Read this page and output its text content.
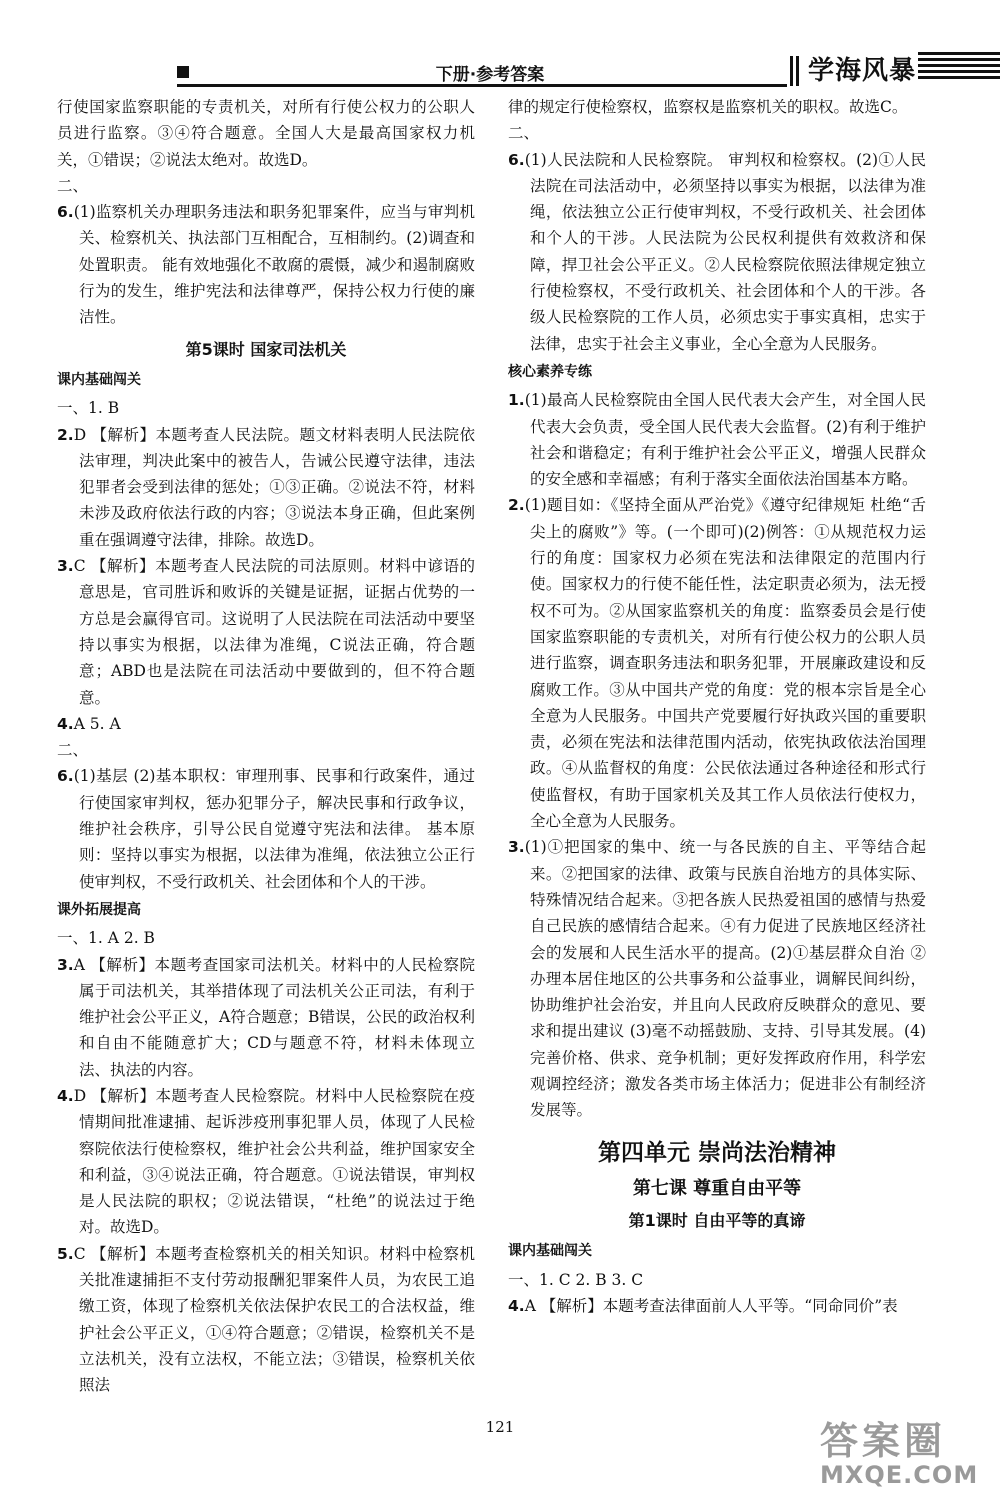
下册·参考答案	学海风暴
行使国家监察职能的专责机关，对所有行使公权力的公职人员进行监察。③④符合题意。全国人大是最高国家权力机关，①错误；②说法太绝对。故选D。
二、
6.(1)监察机关办理职务违法和职务犯罪案件，应当与审判机关、检察机关、执法部门互相配合，互相制约。(2)调查和处置职责。 能有效地强化不敢腐的震慑，减少和遏制腐败行为的发生，维护宪法和法律尊严，保持公权力行使的廉洁性。
第5课时 国家司法机关
课内基础闯关
一、1. B
2.D 【解析】本题考查人民法院。题文材料表明人民法院依法审理，判决此案中的被告人，告诫公民遵守法律，违法犯罪者会受到法律的惩处；①③正确。②说法不符，材料未涉及政府依法行政的内容；③说法本身正确，但此案例重在强调遵守法律，排除。故选D。
3.C 【解析】本题考查人民法院的司法原则。材料中谚语的意思是，官司胜诉和败诉的关键是证据，证据占优势的一方总是会赢得官司。这说明了人民法院在司法活动中要坚持以事实为根据，以法律为准绳，C说法正确，符合题意；ABD也是法院在司法活动中要做到的，但不符合题意。
4.A 5. A
二、
6.(1)基层 (2)基本职权：审理刑事、民事和行政案件，通过行使国家审判权，惩办犯罪分子，解决民事和行政争议，维护社会秩序，引导公民自觉遵守宪法和法律。 基本原则：坚持以事实为根据，以法律为准绳，依法独立公正行使审判权，不受行政机关、社会团体和个人的干涉。
课外拓展提高
一、1. A 2. B
3.A 【解析】本题考查国家司法机关。材料中的人民检察院属于司法机关，其举措体现了司法机关公正司法，有利于维护社会公平正义，A符合题意；B错误，公民的政治权利和自由不能随意扩大；CD与题意不符，材料未体现立法、执法的内容。
4.D 【解析】本题考查人民检察院。材料中人民检察院在疫情期间批准逮捕、起诉涉疫刑事犯罪人员，体现了人民检察院依法行使检察权，维护社会公共利益，维护国家安全和利益，③④说法正确，符合题意。①说法错误，审判权是人民法院的职权；②说法错误，“杜绝”的说法过于绝对。故选D。
5.C 【解析】本题考查检察机关的相关知识。材料中检察机关批准逮捕拒不支付劳动报酬犯罪案件人员，为农民工追缴工资，体现了检察机关依法保护农民工的合法权益，维护社会公平正义，①④符合题意；②错误，检察机关不是立法机关，没有立法权，不能立法；③错误，检察机关依照法
律的规定行使检察权，监察权是监察机关的职权。故选C。
二、
6.(1)人民法院和人民检察院。 审判权和检察权。(2)①人民法院在司法活动中，必须坚持以事实为根据，以法律为准绳，依法独立公正行使审判权，不受行政机关、社会团体和个人的干涉。人民法院为公民权利提供有效救济和保障，捍卫社会公平正义。②人民检察院依照法律规定独立行使检察权，不受行政机关、社会团体和个人的干涉。各级人民检察院的工作人员，必须忠实于事实真相，忠实于法律，忠实于社会主义事业，全心全意为人民服务。
核心素养专练
1.(1)最高人民检察院由全国人民代表大会产生，对全国人民代表大会负责，受全国人民代表大会监督。(2)有利于维护社会和谐稳定；有利于维护社会公平正义，增强人民群众的安全感和幸福感；有利于落实全面依法治国基本方略。
2.(1)题目如：《坚持全面从严治党》《遵守纪律规矩 杜绝“舌尖上的腐败”》等。(一个即可)(2)例答：①从规范权力运行的角度：国家权力必须在宪法和法律限定的范围内行使。国家权力的行使不能任性，法定职责必须为，法无授权不可为。②从国家监察机关的角度：监察委员会是行使国家监察职能的专责机关，对所有行使公权力的公职人员进行监察，调查职务违法和职务犯罪，开展廉政建设和反腐败工作。③从中国共产党的角度：党的根本宗旨是全心全意为人民服务。中国共产党要履行好执政兴国的重要职责，必须在宪法和法律范围内活动，依宪执政依法治国理政。④从监督权的角度：公民依法通过各种途径和形式行使监督权，有助于国家机关及其工作人员依法行使权力，全心全意为人民服务。
3.(1)①把国家的集中、统一与各民族的自主、平等结合起来。②把国家的法律、政策与民族自治地方的具体实际、特殊情况结合起来。③把各族人民热爱祖国的感情与热爱自己民族的感情结合起来。④有力促进了民族地区经济社会的发展和人民生活水平的提高。(2)①基层群众自治 ②办理本居住地区的公共事务和公益事业，调解民间纠纷，协助维护社会治安，并且向人民政府反映群众的意见、要求和提出建议 (3)毫不动摇鼓励、支持、引导其发展。(4)完善价格、供求、竞争机制；更好发挥政府作用，科学宏观调控经济；激发各类市场主体活力；促进非公有制经济发展等。
第四单元 崇尚法治精神
第七课 尊重自由平等
第1课时 自由平等的真谛
课内基础闯关
一、1. C 2. B 3. C
4.A 【解析】本题考查法律面前人人平等。“同命同价”表
121	答案圈
MXQE.COM
